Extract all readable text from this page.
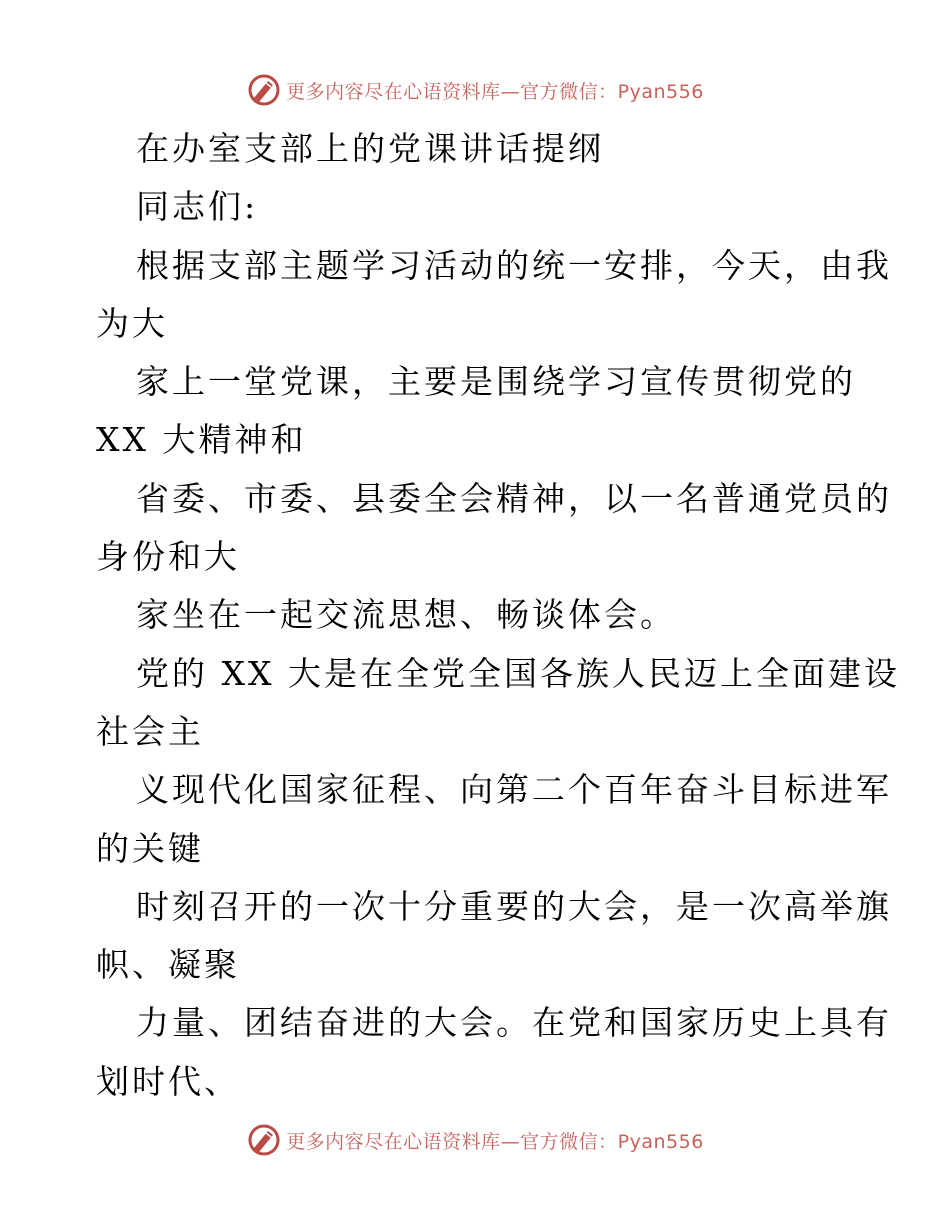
更多内容尽在心语资料库—官方微信：Pyan556
在办室支部上的党课讲话提纲
同志们:
根据支部主题学习活动的统一安排，今天，由我
为大
家上一堂党课，主要是围绕学习宣传贯彻党的
XX 大精神和
省委、市委、县委全会精神，以一名普通党员的
身份和大
家坐在一起交流思想、畅谈体会。
党的 XX 大是在全党全国各族人民迈上全面建设
社会主
义现代化国家征程、向第二个百年奋斗目标进军
的关键
时刻召开的一次十分重要的大会，是一次高举旗
帜、凝聚
力量、团结奋进的大会。在党和国家历史上具有
划时代、
更多内容尽在心语资料库—官方微信：Pyan556
